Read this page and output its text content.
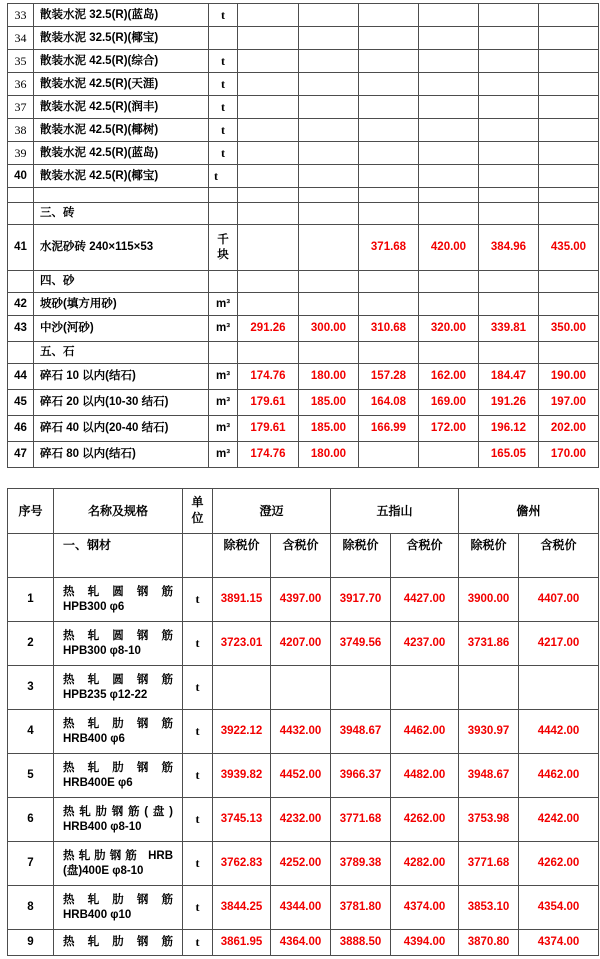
33	散装水泥 32.5(R)(蓝岛)	t						
34	散装水泥 32.5(R)(椰宝)							
35	散装水泥 42.5(R)(综合)	t						
36	散装水泥 42.5(R)(天涯)	t						
37	散装水泥 42.5(R)(润丰)	t						
38	散装水泥 42.5(R)(椰树)	t						
39	散装水泥 42.5(R)(蓝岛)	t						
40	散装水泥 42.5(R)(椰宝)	t						

	三、砖							
41	水泥砂砖 240×115×53	千块			371.68	420.00	384.96	435.00
	四、砂							
42	坡砂(填方用砂)	m³						
43	中沙(河砂)	m³	291.26	300.00	310.68	320.00	339.81	350.00
	五、石							
44	碎石 10 以内(结石)	m³	174.76	180.00	157.28	162.00	184.47	190.00
45	碎石 20 以内(10-30 结石)	m³	179.61	185.00	164.08	169.00	191.26	197.00
46	碎石 40 以内(20-40 结石)	m³	179.61	185.00	166.99	172.00	196.12	202.00
47	碎石 80 以内(结石)	m³	174.76	180.00			165.05	170.00
序号	名称及规格	单位	澄迈		五指山		儋州	
	一、钢材		除税价	含税价	除税价	含税价	除税价	含税价
1	热 轧 圆 钢 筋
HPB300 φ6	t	3891.15	4397.00	3917.70	4427.00	3900.00	4407.00
2	热 轧 圆 钢 筋
HPB300 φ8-10	t	3723.01	4207.00	3749.56	4237.00	3731.86	4217.00
3	热 轧 圆 钢 筋
HPB235 φ12-22	t						
4	热 轧 肋 钢 筋
HRB400 φ6	t	3922.12	4432.00	3948.67	4462.00	3930.97	4442.00
5	热 轧 肋 钢 筋
HRB400E φ6	t	3939.82	4452.00	3966.37	4482.00	3948.67	4462.00
6	热轧肋钢筋(盘)
HRB400 φ8-10	t	3745.13	4232.00	3771.68	4262.00	3753.98	4242.00
7	热轧肋钢筋 HRB
(盘)400E φ8-10	t	3762.83	4252.00	3789.38	4282.00	3771.68	4262.00
8	热 轧 肋 钢 筋
HRB400 φ10	t	3844.25	4344.00	3781.80	4374.00	3853.10	4354.00
9	热 轧 肋 钢 筋	t	3861.95	4364.00	3888.50	4394.00	3870.80	4374.00
